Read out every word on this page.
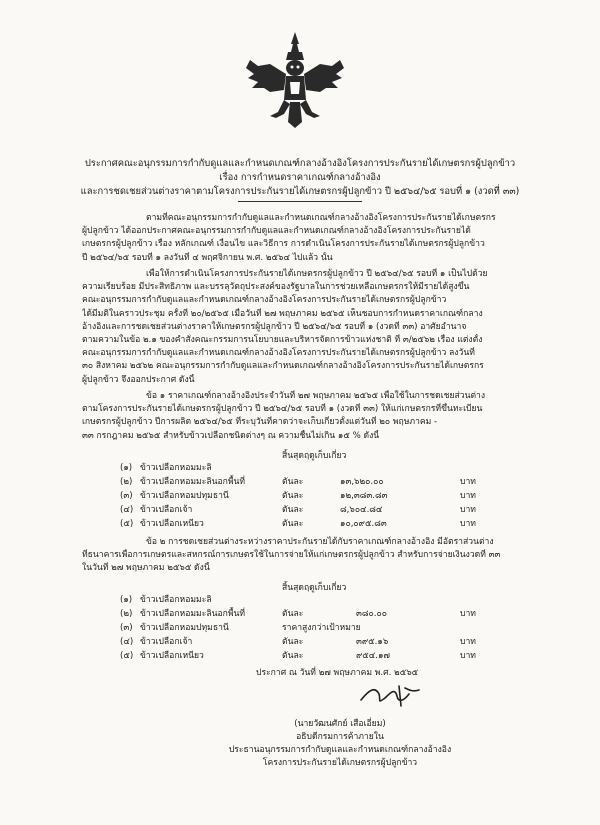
ประกาศคณะอนุกรรมการกำกับดูแลและกำหนดเกณฑ์กลางอ้างอิงโครงการประกันรายได้เกษตรกรผู้ปลูกข้าว
เรื่อง การกำหนดราคาเกณฑ์กลางอ้างอิง
และการชดเชยส่วนต่างราคาตามโครงการประกันรายได้เกษตรกรผู้ปลูกข้าว ปี ๒๕๖๔/๖๕ รอบที่ ๑ (งวดที่ ๓๓)
ตามที่คณะอนุกรรมการกำกับดูแลและกำหนดเกณฑ์กลางอ้างอิงโครงการประกันรายได้เกษตรกร
ผู้ปลูกข้าว ได้ออกประกาศคณะอนุกรรมการกำกับดูแลและกำหนดเกณฑ์กลางอ้างอิงโครงการประกันรายได้
เกษตรกรผู้ปลูกข้าว เรื่อง หลักเกณฑ์ เงื่อนไข และวิธีการ การดำเนินโครงการประกันรายได้เกษตรกรผู้ปลูกข้าว
ปี ๒๕๖๔/๖๕ รอบที่ ๑ ลงวันที่ ๔ พฤศจิกายน พ.ศ. ๒๕๖๔ ไปแล้ว นั้น
เพื่อให้การดำเนินโครงการประกันรายได้เกษตรกรผู้ปลูกข้าว ปี ๒๕๖๔/๖๕ รอบที่ ๑ เป็นไปด้วย
ความเรียบร้อย มีประสิทธิภาพ และบรรลุวัตถุประสงค์ของรัฐบาลในการช่วยเหลือเกษตรกรให้มีรายได้สูงขึ้น
คณะอนุกรรมการกำกับดูแลและกำหนดเกณฑ์กลางอ้างอิงโครงการประกันรายได้เกษตรกรผู้ปลูกข้าว
ได้มีมติในคราวประชุม ครั้งที่ ๒๐/๒๕๖๕ เมื่อวันที่ ๒๗ พฤษภาคม ๒๕๖๕ เห็นชอบการกำหนดราคาเกณฑ์กลาง
อ้างอิงและการชดเชยส่วนต่างราคาให้เกษตรกรผู้ปลูกข้าว ปี ๒๕๖๔/๖๕ รอบที่ ๑ (งวดที่ ๓๓) อาศัยอำนาจ
ตามความในข้อ ๒.๑ ของคำสั่งคณะกรรมการนโยบายและบริหารจัดการข้าวแห่งชาติ ที่ ๓/๒๕๖๒ เรื่อง แต่งตั้ง
คณะอนุกรรมการกำกับดูแลและกำหนดเกณฑ์กลางอ้างอิงโครงการประกันรายได้เกษตรกรผู้ปลูกข้าว ลงวันที่
๓๐ สิงหาคม ๒๕๖๒ คณะอนุกรรมการกำกับดูแลและกำหนดเกณฑ์กลางอ้างอิงโครงการประกันรายได้เกษตรกร
ผู้ปลูกข้าว จึงออกประกาศ ดังนี้
ข้อ ๑ ราคาเกณฑ์กลางอ้างอิงประจำวันที่ ๒๗ พฤษภาคม ๒๕๖๕ เพื่อใช้ในการชดเชยส่วนต่าง
ตามโครงการประกันรายได้เกษตรกรผู้ปลูกข้าว ปี ๒๕๖๔/๖๕ รอบที่ ๑ (งวดที่ ๓๓) ให้แก่เกษตรกรที่ขึ้นทะเบียน
เกษตรกรผู้ปลูกข้าว ปีการผลิต ๒๕๖๔/๖๕ ที่ระบุวันที่คาดว่าจะเก็บเกี่ยวตั้งแต่วันที่ ๒๐ พฤษภาคม -
๓๓ กรกฎาคม ๒๕๖๕ สำหรับข้าวเปลือกชนิดต่างๆ ณ ความชื้นไม่เกิน ๑๕ % ดังนี้
สิ้นสุดฤดูเก็บเกี่ยว
(๑) ข้าวเปลือกหอมมะลิ
(๒) ข้าวเปลือกหอมมะลินอกพื้นที่	ตันละ	๑๓,๖๒๐.๐๐	บาท
(๓) ข้าวเปลือกหอมปทุมธานี	ตันละ	๑๒,๓๘๓.๘๓	บาท
(๔) ข้าวเปลือกเจ้า	ตันละ	๘,๖๐๔.๘๔	บาท
(๕) ข้าวเปลือกเหนียว	ตันละ	๑๐,๐๙๕.๘๓	บาท
ข้อ ๒ การชดเชยส่วนต่างระหว่างราคาประกันรายได้กับราคาเกณฑ์กลางอ้างอิง มีอัตราส่วนต่าง
ที่ธนาคารเพื่อการเกษตรและสหกรณ์การเกษตรใช้ในการจ่ายให้แก่เกษตรกรผู้ปลูกข้าว สำหรับการจ่ายเงินงวดที่ ๓๓
ในวันที่ ๒๗ พฤษภาคม ๒๕๖๕ ดังนี้
สิ้นสุดฤดูเก็บเกี่ยว
(๑) ข้าวเปลือกหอมมะลิ
(๒) ข้าวเปลือกหอมมะลินอกพื้นที่	ตันละ	๓๘๐.๐๐	บาท
(๓) ข้าวเปลือกหอมปทุมธานี	ราคาสูงกว่าเป้าหมาย
(๔) ข้าวเปลือกเจ้า	ตันละ	๓๙๕.๑๖	บาท
(๕) ข้าวเปลือกเหนียว	ตันละ	๙๕๔.๑๗	บาท
ประกาศ ณ วันที่ ๒๗ พฤษภาคม พ.ศ. ๒๕๖๕
(นายวัฒนศักย์ เสือเอี่ยม)
อธิบดีกรมการค้าภายใน
ประธานอนุกรรมการกำกับดูแลและกำหนดเกณฑ์กลางอ้างอิง
โครงการประกันรายได้เกษตรกรผู้ปลูกข้าว
